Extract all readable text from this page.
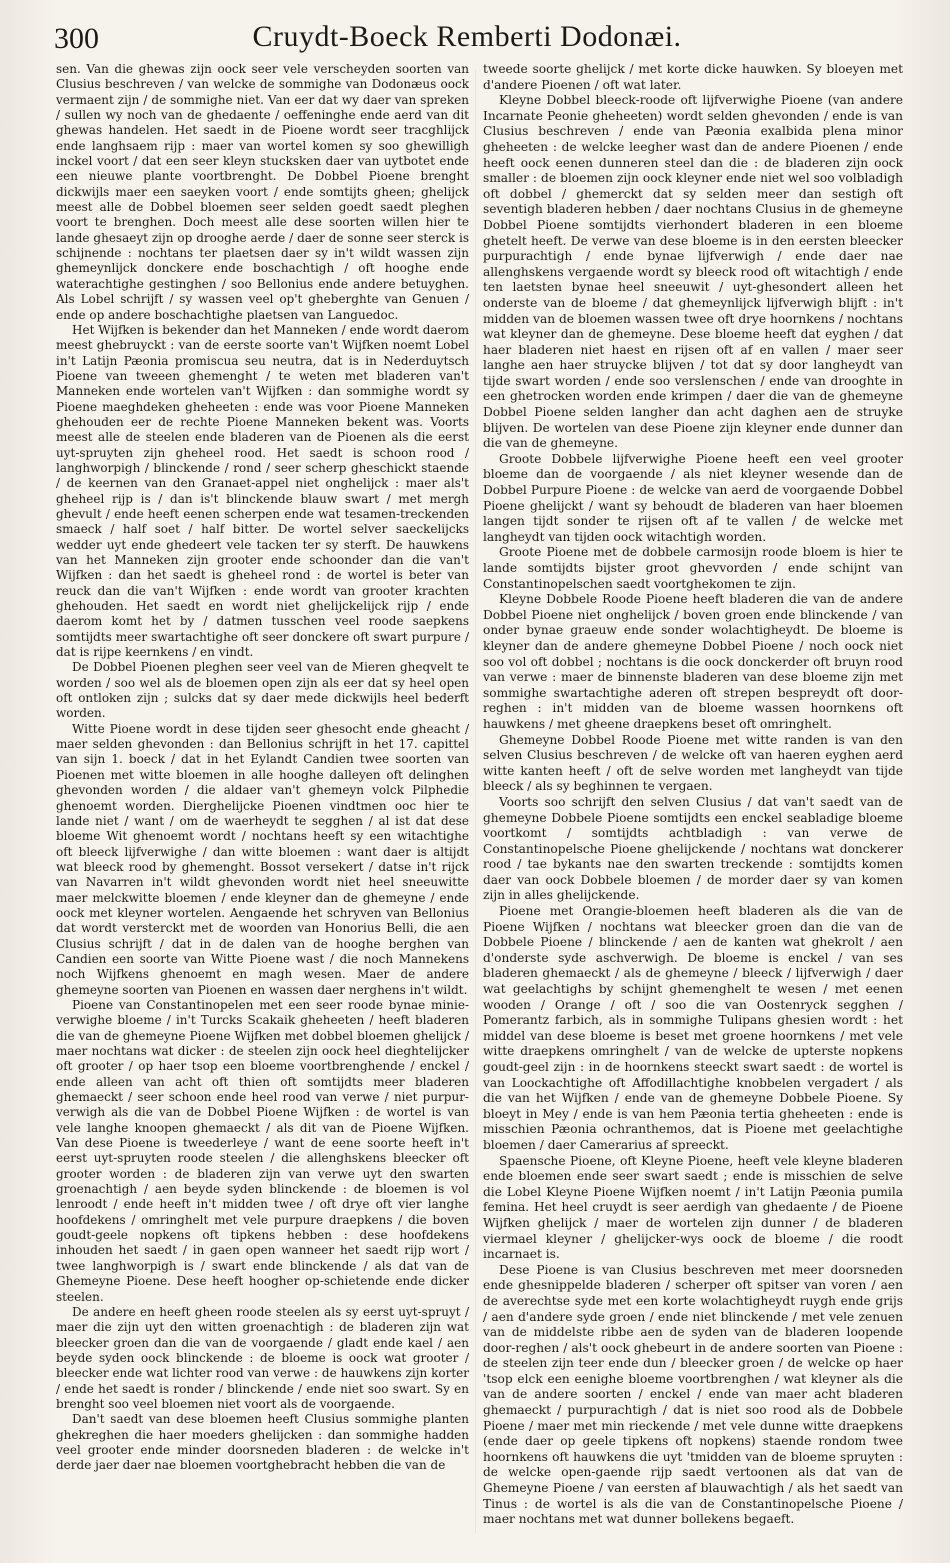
300	Cruydt-Boeck Remberti Dodonæi.

sen. Van die ghewas zijn oock seer vele verscheyden soorten van Clusius beschreven / van welcke de sommighe van Dodonæus oock vermaent zijn / de sommighe niet. Van eer dat wy daer van spreken / sullen wy noch van de ghedaente / oeffeninghe ende aerd van dit ghewas handelen. Het saedt in de Pioene wordt seer tracghlijck ende langhsaem rijp : maer van wortel komen sy soo ghewilligh inckel voort / dat een seer kleyn stucksken daer van uytbotet ende een nieuwe plante voortbrenght. De Dobbel Pioene brenght dickwijls maer een saeyken voort / ende somtijts gheen; ghelijck meest alle de Dobbel bloemen seer selden goedt saedt pleghen voort te brenghen. Doch meest alle dese soorten willen hier te lande ghesaeyt zijn op drooghe aerde / daer de sonne seer sterck is schijnende : nochtans ter plaetsen daer sy in't wildt wassen zijn ghemeynlijck donckere ende boschachtigh / oft hooghe ende waterachtighe gestinghen / soo Bellonius ende andere betuyghen. Als Lobel schrijft / sy wassen veel op't gheberghte van Genuen / ende op andere boschachtighe plaetsen van Languedoc.

Het Wijfken is bekender dan het Manneken / ende wordt daerom meest ghebruyckt : van de eerste soorte van't Wijfken noemt Lobel in't Latijn Pæonia promiscua seu neutra, dat is in Nederduytsch Pioene van tweeen ghemenght / te weten met bladeren van't Manneken ende wortelen van't Wijfken : dan sommighe wordt sy Pioene maeghdeken gheheeten : ende was voor Pioene Manneken ghehouden eer de rechte Pioene Manneken bekent was. Voorts meest alle de steelen ende bladeren van de Pioenen als die eerst uyt-spruyten zijn gheheel rood. Het saedt is schoon rood / langhworpigh / blinckende / rond / seer scherp gheschickt staende / de keernen van den Granaet-appel niet onghelijck : maer als't gheheel rijp is / dan is't blinckende blauw swart / met mergh ghevult / ende heeft eenen scherpen ende wat tesamen-treckenden smaeck / half soet / half bitter. De wortel selver saeckelijcks wedder uyt ende ghedeert vele tacken ter sy sterft. De hauwkens van het Manneken zijn grooter ende schoonder dan die van't Wijfken : dan het saedt is gheheel rond : de wortel is beter van reuck dan die van't Wijfken : ende wordt van grooter krachten ghehouden. Het saedt en wordt niet ghelijckelijck rijp / ende daerom komt het by / datmen tusschen veel roode saepkens somtijdts meer swartachtighe oft seer donckere oft swart purpure / dat is rijpe keernkens / en vindt.

De Dobbel Pioenen pleghen seer veel van de Mieren gheqvelt te worden / soo wel als de bloemen open zijn als eer dat sy heel open oft ontloken zijn ; sulcks dat sy daer mede dickwijls heel bederft worden.

Witte Pioene wordt in dese tijden seer ghesocht ende gheacht / maer selden ghevonden : dan Bellonius schrijft in het 17. capittel van sijn 1. boeck / dat in het Eylandt Candien twee soorten van Pioenen met witte bloemen in alle hooghe dalleyen oft delinghen ghevonden worden / die aldaer van't ghemeyn volck Pilphedie ghenoemt worden. Dierghelijcke Pioenen vindtmen ooc hier te lande niet / want / om de waerheydt te segghen / al ist dat dese bloeme Wit ghenoemt wordt / nochtans heeft sy een witachtighe oft bleeck lijfverwighe / dan witte bloemen : want daer is altijdt wat bleeck rood by ghemenght. Bossot versekert / datse in't rijck van Navarren in't wildt ghevonden wordt niet heel sneeuwitte maer melckwitte bloemen / ende kleyner dan de ghemeyne / ende oock met kleyner wortelen. Aengaende het schryven van Bellonius dat wordt versterckt met de woorden van Honorius Belli, die aen Clusius schrijft / dat in de dalen van de hooghe berghen van Candien een soorte van Witte Pioene wast / die noch Mannekens noch Wijfkens ghenoemt en magh wesen. Maer de andere ghemeyne soorten van Pioenen en wassen daer nerghens in't wildt.

Pioene van Constantinopelen met een seer roode bynae minie-verwighe bloeme / in't Turcks Scakaik gheheeten / heeft bladeren die van de ghemeyne Pioene Wijfken met dobbel bloemen ghelijck / maer nochtans wat dicker : de steelen zijn oock heel dieghtelijcker oft grooter / op haer tsop een bloeme voortbrenghende / enckel / ende alleen van acht oft thien oft somtijdts meer bladeren ghemaeckt / seer schoon ende heel rood van verwe / niet purpur-verwigh als die van de Dobbel Pioene Wijfken : de wortel is van vele langhe knoopen ghemaeckt / als dit van de Pioene Wijfken. Van dese Pioene is tweederleye / want de eene soorte heeft in't eerst uyt-spruyten roode steelen / die allenghskens bleecker oft grooter worden : de bladeren zijn van verwe uyt den swarten groenachtigh / aen beyde syden blinckende : de bloemen is vol lenroodt / ende heeft in't midden twee / oft drye oft vier langhe hoofdekens / omringhelt met vele purpure draepkens / die boven goudt-geele nopkens oft tipkens hebben : dese hoofdekens inhouden het saedt / in gaen open wanneer het saedt rijp wort / twee langhworpigh is / swart ende blinckende / als dat van de Ghemeyne Pioene. Dese heeft hoogher op-schietende ende dicker steelen.

De andere en heeft gheen roode steelen als sy eerst uyt-spruyt / maer die zijn uyt den witten groenachtigh : de bladeren zijn wat bleecker groen dan die van de voorgaende / gladt ende kael / aen beyde syden oock blinckende : de bloeme is oock wat grooter / bleecker ende wat lichter rood van verwe : de hauwkens zijn korter / ende het saedt is ronder / blinckende / ende niet soo swart. Sy en brenght soo veel bloemen niet voort als de voorgaende.

Dan't saedt van dese bloemen heeft Clusius sommighe planten ghekreghen die haer moeders ghelijcken : dan sommighe hadden veel grooter ende minder doorsneden bladeren : de welcke in't derde jaer daer nae bloemen voortghebracht hebben die van de

tweede soorte ghelijck / met korte dicke hauwken. Sy bloeyen met d'andere Pioenen / oft wat later.

Kleyne Dobbel bleeck-roode oft lijfverwighe Pioene (van andere Incarnate Peonie gheheeten) wordt selden ghevonden / ende is van Clusius beschreven / ende van Pæonia exalbida plena minor gheheeten : de welcke leegher wast dan de andere Pioenen / ende heeft oock eenen dunneren steel dan die : de bladeren zijn oock smaller : de bloemen zijn oock kleyner ende niet wel soo volbladigh oft dobbel / ghemerckt dat sy selden meer dan sestigh oft seventigh bladeren hebben / daer nochtans Clusius in de ghemeyne Dobbel Pioene somtijdts vierhondert bladeren in een bloeme ghetelt heeft. De verwe van dese bloeme is in den eersten bleecker purpurachtigh / ende bynae lijfverwigh / ende daer nae allenghskens vergaende wordt sy bleeck rood oft witachtigh / ende ten laetsten bynae heel sneeuwit / uyt-ghesondert alleen het onderste van de bloeme / dat ghemeynlijck lijfverwigh blijft : in't midden van de bloemen wassen twee oft drye hoornkens / nochtans wat kleyner dan de ghemeyne. Dese bloeme heeft dat eyghen / dat haer bladeren niet haest en rijsen oft af en vallen / maer seer langhe aen haer struycke blijven / tot dat sy door langheydt van tijde swart worden / ende soo verslenschen / ende van drooghte in een ghetrocken worden ende krimpen / daer die van de ghemeyne Dobbel Pioene selden langher dan acht daghen aen de struyke blijven. De wortelen van dese Pioene zijn kleyner ende dunner dan die van de ghemeyne.

Groote Dobbele lijfverwighe Pioene heeft een veel grooter bloeme dan de voorgaende / als niet kleyner wesende dan de Dobbel Purpure Pioene : de welcke van aerd de voorgaende Dobbel Pioene ghelijckt / want sy behoudt de bladeren van haer bloemen langen tijdt sonder te rijsen oft af te vallen / de welcke met langheydt van tijden oock witachtigh worden.

Groote Pioene met de dobbele carmosijn roode bloem is hier te lande somtijdts bijster groot ghevvorden / ende schijnt van Constantinopelschen saedt voortghekomen te zijn.

Kleyne Dobbele Roode Pioene heeft bladeren die van de andere Dobbel Pioene niet onghelijck / boven groen ende blinckende / van onder bynae graeuw ende sonder wolachtigheydt. De bloeme is kleyner dan de andere ghemeyne Dobbel Pioene / noch oock niet soo vol oft dobbel ; nochtans is die oock donckerder oft bruyn rood van verwe : maer de binnenste bladeren van dese bloeme zijn met sommighe swartachtighe aderen oft strepen bespreydt oft door-reghen : in't midden van de bloeme wassen hoornkens oft hauwkens / met gheene draepkens beset oft omringhelt.

Ghemeyne Dobbel Roode Pioene met witte randen is van den selven Clusius beschreven / de welcke oft van haeren eyghen aerd witte kanten heeft / oft de selve worden met langheydt van tijde bleeck / als sy beghinnen te vergaen.

Voorts soo schrijft den selven Clusius / dat van't saedt van de ghemeyne Dobbele Pioene somtijdts een enckel seabladige bloeme voortkomt / somtijdts achtbladigh : van verwe de Constantinopelsche Pioene ghelijckende / nochtans wat donckerer rood / tae bykants nae den swarten treckende : somtijdts komen daer van oock Dobbele bloemen / de morder daer sy van komen zijn in alles ghelijckende.

Pioene met Orangie-bloemen heeft bladeren als die van de Pioene Wijfken / nochtans wat bleecker groen dan die van de Dobbele Pioene / blinckende / aen de kanten wat ghekrolt / aen d'onderste syde aschverwigh. De bloeme is enckel / van ses bladeren ghemaeckt / als de ghemeyne / bleeck / lijfverwigh / daer wat geelachtighs by schijnt ghemenghelt te wesen / met eenen wooden / Orange / oft / soo die van Oostenryck segghen / Pomerantz farbich, als in sommighe Tulipans ghesien wordt : het middel van dese bloeme is beset met groene hoornkens / met vele witte draepkens omringhelt / van de welcke de upterste nopkens goudt-geel zijn : in de hoornkens steeckt swart saedt : de wortel is van Loockachtighe oft Affodillachtighe knobbelen vergadert / als die van het Wijfken / ende van de ghemeyne Dobbele Pioene. Sy bloeyt in Mey / ende is van hem Pæonia tertia gheheeten : ende is misschien Pæonia ochranthemos, dat is Pioene met geelachtighe bloemen / daer Camerarius af spreeckt.

Spaensche Pioene, oft Kleyne Pioene, heeft vele kleyne bladeren ende bloemen ende seer swart saedt ; ende is misschien de selve die Lobel Kleyne Pioene Wijfken noemt / in't Latijn Pæonia pumila femina. Het heel cruydt is seer aerdigh van ghedaente / de Pioene Wijfken ghelijck / maer de wortelen zijn dunner / de bladeren viermael kleyner / ghelijcker-wys oock de bloeme / die roodt incarnaet is.

Dese Pioene is van Clusius beschreven met meer doorsneden ende ghesnippelde bladeren / scherper oft spitser van voren / aen de averechtse syde met een korte wolachtigheydt ruygh ende grijs / aen d'andere syde groen / ende niet blinckende / met vele zenuen van de middelste ribbe aen de syden van de bladeren loopende door-reghen / als't oock ghebeurt in de andere soorten van Pioene : de steelen zijn teer ende dun / bleecker groen / de welcke op haer 'tsop elck een eenighe bloeme voortbrenghen / wat kleyner als die van de andere soorten / enckel / ende van maer acht bladeren ghemaeckt / purpurachtigh / dat is niet soo rood als de Dobbele Pioene / maer met min rieckende / met vele dunne witte draepkens (ende daer op geele tipkens oft nopkens) staende rondom twee hoornkens oft hauwkens die uyt 'tmidden van de bloeme spruyten : de welcke open-gaende rijp saedt vertoonen als dat van de Ghemeyne Pioene / van eersten af blauwachtigh / als het saedt van Tinus : de wortel is als die van de Constantinopelsche Pioene / maer nochtans met wat dunner bollekens begaeft.
